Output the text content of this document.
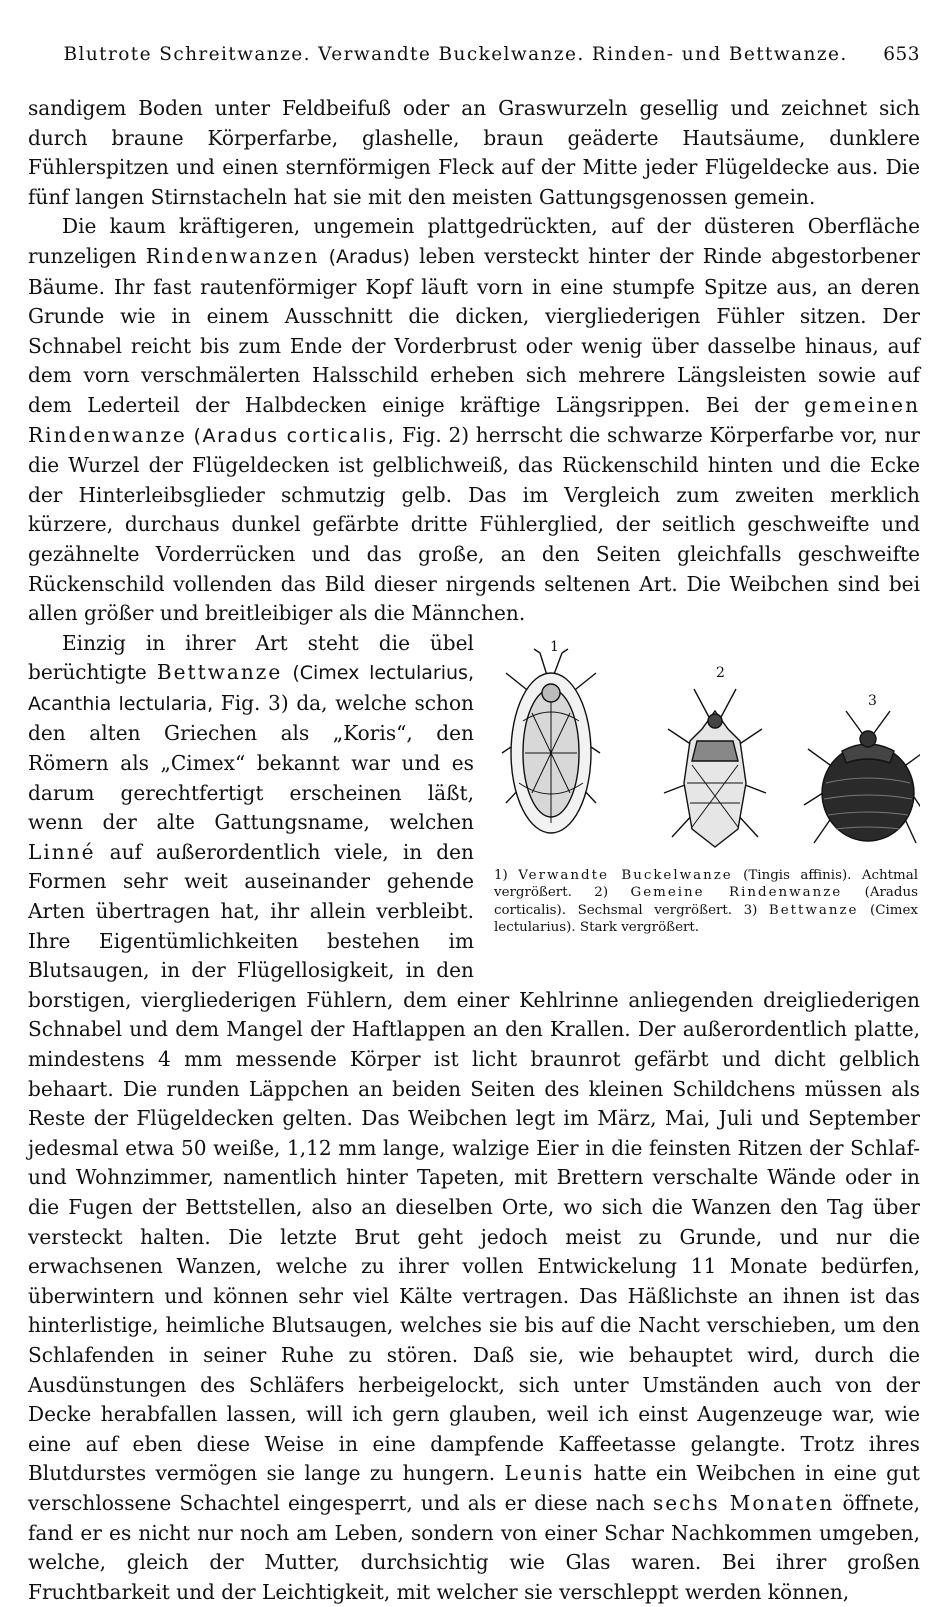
Blutrote Schreitwanze. Verwandte Buckelwanze. Rinden- und Bettwanze.	653

sandigem Boden unter Feldbeifuß oder an Graswurzeln gesellig und zeichnet sich durch braune Körperfarbe, glashelle, braun geäderte Hautsäume, dunklere Fühlerspitzen und einen sternförmigen Fleck auf der Mitte jeder Flügeldecke aus. Die fünf langen Stirnstacheln hat sie mit den meisten Gattungsgenossen gemein.

Die kaum kräftigeren, ungemein plattgedrückten, auf der düsteren Oberfläche runzeligen Rindenwanzen (Aradus) leben versteckt hinter der Rinde abgestorbener Bäume. Ihr fast rautenförmiger Kopf läuft vorn in eine stumpfe Spitze aus, an deren Grunde wie in einem Ausschnitt die dicken, viergliederigen Fühler sitzen. Der Schnabel reicht bis zum Ende der Vorderbrust oder wenig über dasselbe hinaus, auf dem vorn verschmälerten Halsschild erheben sich mehrere Längsleisten sowie auf dem Lederteil der Halbdecken einige kräftige Längsrippen. Bei der gemeinen Rindenwanze (Aradus corticalis, Fig. 2) herrscht die schwarze Körperfarbe vor, nur die Wurzel der Flügeldecken ist gelblichweiß, das Rückenschild hinten und die Ecke der Hinterleibsglieder schmutzig gelb. Das im Vergleich zum zweiten merklich kürzere, durchaus dunkel gefärbte dritte Fühlerglied, der seitlich geschweifte und gezähnelte Vorderrücken und das große, an den Seiten gleichfalls geschweifte Rückenschild vollenden das Bild dieser nirgends seltenen Art. Die Weibchen sind bei allen größer und breitleibiger als die Männchen.

1
2
3
1) Verwandte Buckelwanze (Tingis affinis). Achtmal vergrößert. 2) Gemeine Rindenwanze (Aradus corticalis). Sechsmal vergrößert. 3) Bettwanze (Cimex lectularius). Stark vergrößert.

Einzig in ihrer Art steht die übel berüchtigte Bettwanze (Cimex lectularius, Acanthia lectularia, Fig. 3) da, welche schon den alten Griechen als „Koris“, den Römern als „Cimex“ bekannt war und es darum gerechtfertigt erscheinen läßt, wenn der alte Gattungsname, welchen Linné auf außerordentlich viele, in den Formen sehr weit auseinander gehende Arten übertragen hat, ihr allein verbleibt. Ihre Eigentümlichkeiten bestehen im Blutsaugen, in der Flügellosigkeit, in den borstigen, viergliederigen Fühlern, dem einer Kehlrinne anliegenden dreigliederigen Schnabel und dem Mangel der Haftlappen an den Krallen. Der außerordentlich platte, mindestens 4 mm messende Körper ist licht braunrot gefärbt und dicht gelblich behaart. Die runden Läppchen an beiden Seiten des kleinen Schildchens müssen als Reste der Flügeldecken gelten. Das Weibchen legt im März, Mai, Juli und September jedesmal etwa 50 weiße, 1,12 mm lange, walzige Eier in die feinsten Ritzen der Schlaf- und Wohnzimmer, namentlich hinter Tapeten, mit Brettern verschalte Wände oder in die Fugen der Bettstellen, also an dieselben Orte, wo sich die Wanzen den Tag über versteckt halten. Die letzte Brut geht jedoch meist zu Grunde, und nur die erwachsenen Wanzen, welche zu ihrer vollen Entwickelung 11 Monate bedürfen, überwintern und können sehr viel Kälte vertragen. Das Häßlichste an ihnen ist das hinterlistige, heimliche Blutsaugen, welches sie bis auf die Nacht verschieben, um den Schlafenden in seiner Ruhe zu stören. Daß sie, wie behauptet wird, durch die Ausdünstungen des Schläfers herbeigelockt, sich unter Umständen auch von der Decke herabfallen lassen, will ich gern glauben, weil ich einst Augenzeuge war, wie eine auf eben diese Weise in eine dampfende Kaffeetasse gelangte. Trotz ihres Blutdurstes vermögen sie lange zu hungern. Leunis hatte ein Weibchen in eine gut verschlossene Schachtel eingesperrt, und als er diese nach sechs Monaten öffnete, fand er es nicht nur noch am Leben, sondern von einer Schar Nachkommen umgeben, welche, gleich der Mutter, durchsichtig wie Glas waren. Bei ihrer großen Fruchtbarkeit und der Leichtigkeit, mit welcher sie verschleppt werden können,
